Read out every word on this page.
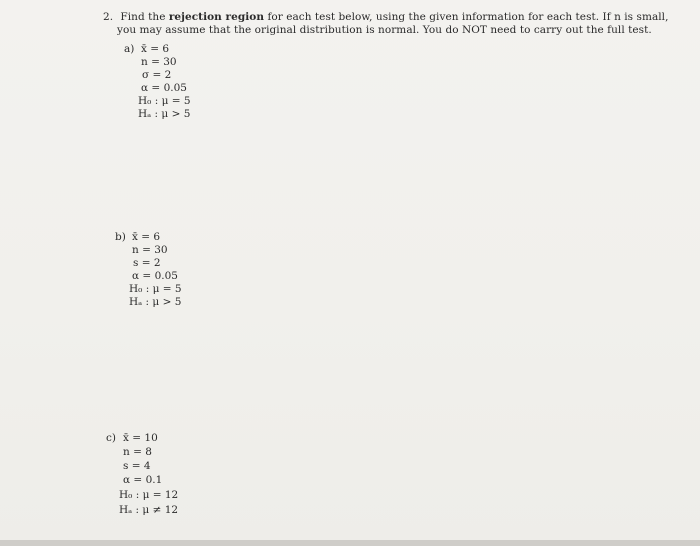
2. Find the rejection region for each test below, using the given information for each test. If n is small,
you may assume that the original distribution is normal. You do NOT need to carry out the full test.
a) x̄ = 6
n = 30
σ = 2
α = 0.05
H₀ : μ = 5
Hₐ : μ > 5
b) x̄ = 6
n = 30
s = 2
α = 0.05
H₀ : μ = 5
Hₐ : μ > 5
c) x̄ = 10
n = 8
s = 4
α = 0.1
H₀ : μ = 12
Hₐ : μ ≠ 12
